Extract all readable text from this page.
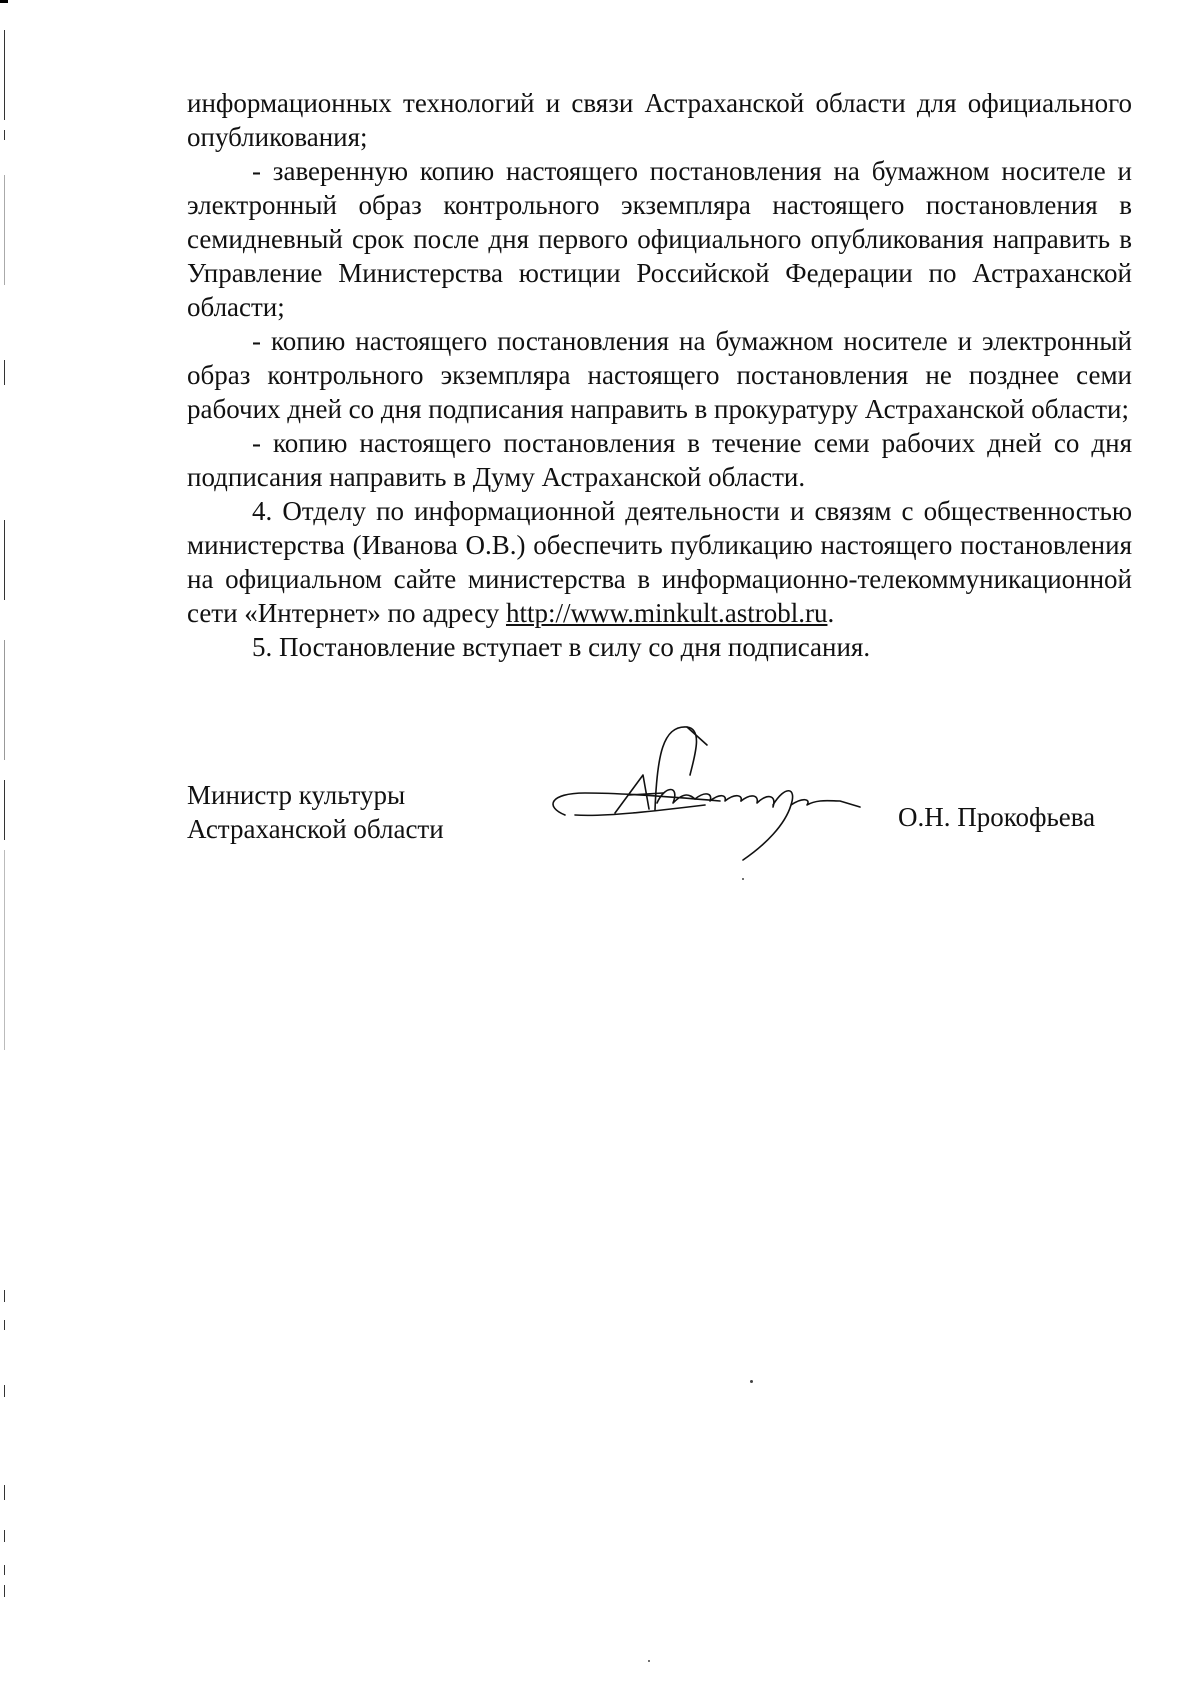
информационных технологий и связи Астраханской области для официального опубликования;

- заверенную копию настоящего постановления на бумажном носителе и электронный образ контрольного экземпляра настоящего постановления в семидневный срок после дня первого официального опубликования направить в Управление Министерства юстиции Российской Федерации по Астраханской области;

- копию настоящего постановления на бумажном носителе и электронный образ контрольного экземпляра настоящего постановления не позднее семи рабочих дней со дня подписания направить в прокуратуру Астраханской области;

- копию настоящего постановления в течение семи рабочих дней со дня подписания направить в Думу Астраханской области.

4. Отделу по информационной деятельности и связям с общественностью министерства (Иванова О.В.) обеспечить публикацию настоящего постановления на официальном сайте министерства в информационно-телекоммуникационной сети «Интернет» по адресу http://www.minkult.astrobl.ru.

5. Постановление вступает в силу со дня подписания.

Министр культуры
Астраханской области	О.Н. Прокофьева
